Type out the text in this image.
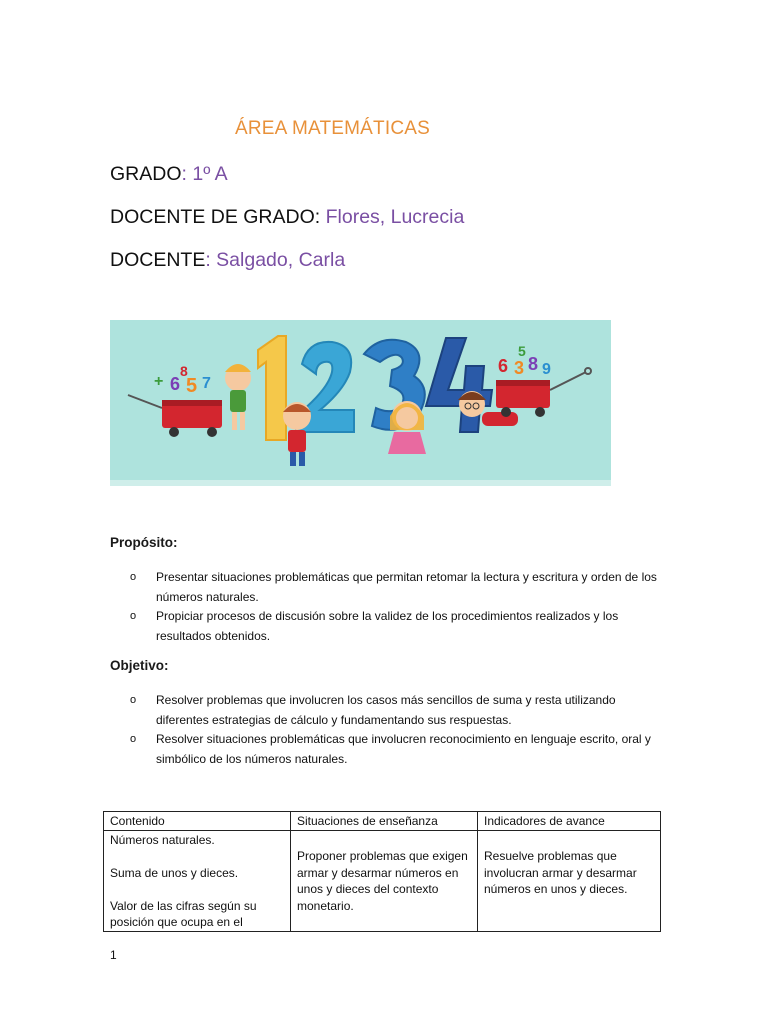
ÁREA MATEMÁTICAS
GRADO: 1º A
DOCENTE DE GRADO: Flores, Lucrecia
DOCENTE: Salgado, Carla
6 5 7
+
8	6 3 8 9
5
Propósito:
o Presentar situaciones problemáticas que permitan retomar la lectura y escritura y orden de los números naturales.
o Propiciar procesos de discusión sobre la validez de los procedimientos realizados y los resultados obtenidos.
Objetivo:
o Resolver problemas que involucren los casos más sencillos de suma y resta utilizando diferentes estrategias de cálculo y fundamentando sus respuestas.
o Resolver situaciones problemáticas que involucren reconocimiento en lenguaje escrito, oral y simbólico de los números naturales.
Contenido	Situaciones de enseñanza	Indicadores de avance

Números naturales.
Suma de unos y dieces.
Valor de las cifras según su posición que ocupa en el	Proponer problemas que exigen armar y desarmar números en unos y dieces del contexto monetario.	Resuelve problemas que involucran armar y desarmar números en unos y dieces.
1
